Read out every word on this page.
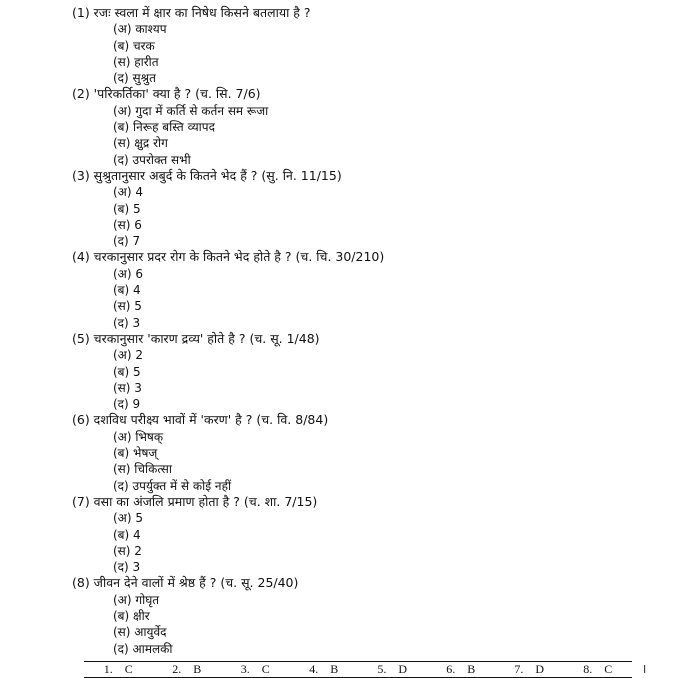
(1) रजः स्वला में क्षार का निषेध किसने बतलाया है ?
(अ) काश्यप
(ब) चरक
(स) हारीत
(द) सुश्रुत
(2) 'परिकर्तिका' क्या है ? (च. सि. 7/6)
(अ) गुदा में कर्ति से कर्तन सम रूजा
(ब) निरूह बस्ति व्यापद
(स) क्षुद्र रोग
(द) उपरोक्त सभी
(3) सुश्रुतानुसार अबुर्द के कितने भेद हैं ? (सु. नि. 11/15)
(अ) 4
(ब) 5
(स) 6
(द) 7
(4) चरकानुसार प्रदर रोग के कितने भेद होते है ? (च. चि. 30/210)
(अ) 6
(ब) 4
(स) 5
(द) 3
(5) चरकानुसार 'कारण द्रव्य' होते है ? (च. सू. 1/48)
(अ) 2
(ब) 5
(स) 3
(द) 9
(6) दशविध परीक्ष्य भावों में 'करण' है ? (च. वि. 8/84)
(अ) भिषक्
(ब) भेषज्
(स) चिकित्सा
(द) उपर्युक्त में से कोई नहीं
(7) वसा का अंजलि प्रमाण होता है ? (च. शा. 7/15)
(अ) 5
(ब) 4
(स) 2
(द) 3
(8) जीवन देने वालों में श्रेष्ठ हैं ? (च. सू. 25/40)
(अ) गोघृत
(ब) क्षीर
(स) आयुर्वेद
(द) आमलकी
1. C	2. B	3. C	4. B	5. D	6. B	7. D	8. C	I
